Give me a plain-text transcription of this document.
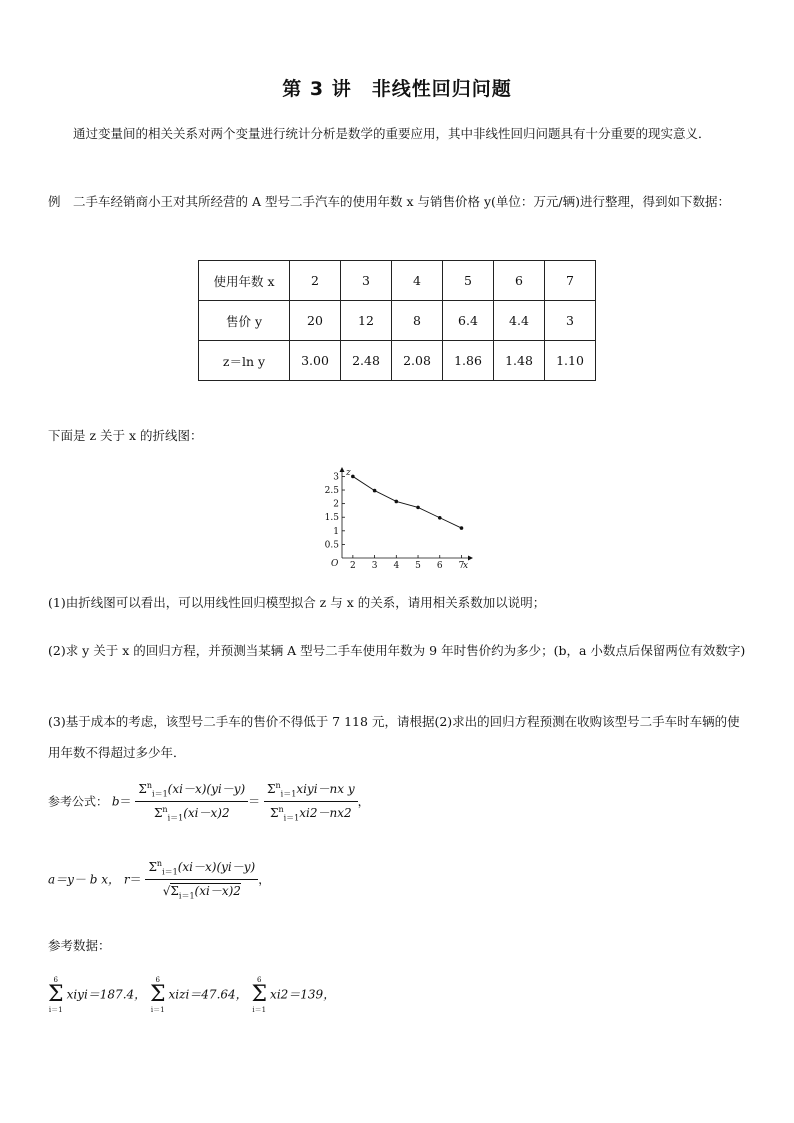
第 3 讲　非线性回归问题
通过变量间的相关关系对两个变量进行统计分析是数学的重要应用，其中非线性回归问题具有十分重要的现实意义．
例　二手车经销商小王对其所经营的 A 型号二手汽车的使用年数 x 与销售价格 y(单位：万元/辆)进行整理，得到如下数据：
使用年数 x	2	3	4	5	6	7
售价 y	20	12	8	6.4	4.4	3
z＝ln y	3.00	2.48	2.08	1.86	1.48	1.10
下面是 z 关于 x 的折线图：
z
x
O 2 3 4 5 6 7
0.5
1
1.5
2
2.5
3
(1)由折线图可以看出，可以用线性回归模型拟合 z 与 x 的关系，请用相关系数加以说明；
(2)求 y 关于 x 的回归方程，并预测当某辆 A 型号二手车使用年数为 9 年时售价约为多少；(b，a 小数点后保留两位有效数字)
(3)基于成本的考虑，该型号二手车的售价不得低于 7 118 元，请根据(2)求出的回归方程预测在收购该型号二手车时车辆的使用年数不得超过多少年．
参考公式： $b= \frac{\Sigma^n_{i=1}(xi-x)(yi-y)}{\Sigma^n_{i=1}(xi-x)2} = \frac{\Sigma^n_{i=1}xiyi-nx y}{\Sigma^n_{i=1}xi2-nx2}$ ，
a＝y－ b x， $r= \frac{\Sigma^n_{i=1}(xi-x)(yi-y)}{√\Sigma_{i=1}(xi-x)2}$ ，
参考数据：
6
Σ
i＝1
xiyi＝187.4，
6
Σ
i＝1
xizi＝47.64，
6
Σ
i＝1
xi2＝139，
